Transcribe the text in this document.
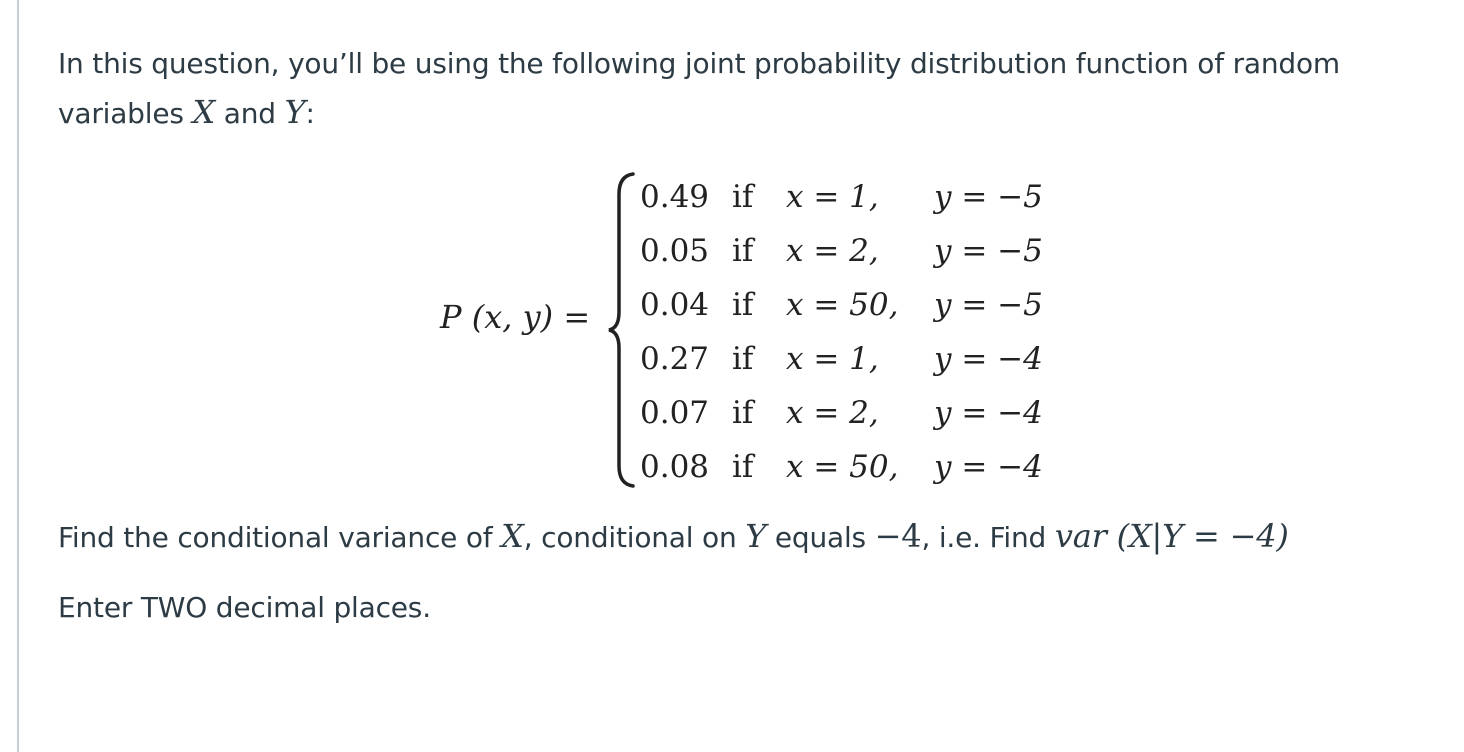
In this question, you’ll be using the following joint probability distribution function of random variables X and Y:

P (x, y) =
0.49	if	x = 1,	y = −5
0.05	if	x = 2,	y = −5
0.04	if	x = 50,	y = −5
0.27	if	x = 1,	y = −4
0.07	if	x = 2,	y = −4
0.08	if	x = 50,	y = −4

Find the conditional variance of X, conditional on Y equals −4, i.e. Find var (X|Y = −4)

Enter TWO decimal places.
